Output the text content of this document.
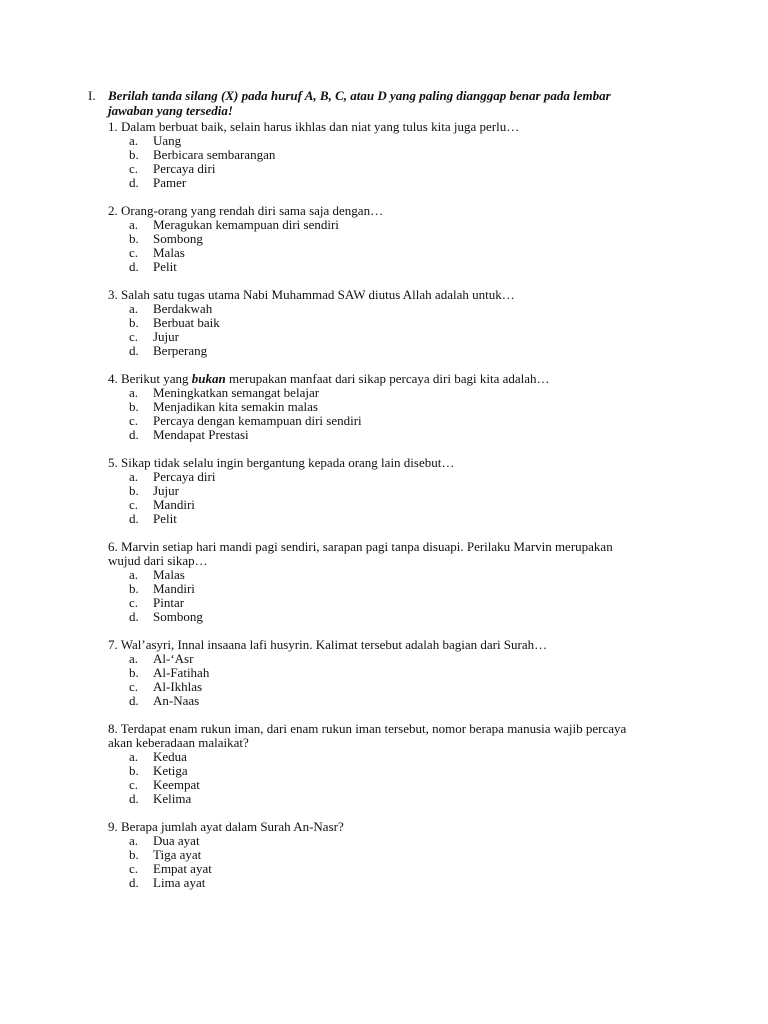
I. Berilah tanda silang (X) pada huruf A, B, C, atau D yang paling dianggap benar pada lembar
jawaban yang tersedia!
1. Dalam berbuat baik, selain harus ikhlas dan niat yang tulus kita juga perlu…
a.	Uang
b.	Berbicara sembarangan
c.	Percaya diri
d.	Pamer
2. Orang-orang yang rendah diri sama saja dengan…
a.	Meragukan kemampuan diri sendiri
b.	Sombong
c.	Malas
d.	Pelit
3. Salah satu tugas utama Nabi Muhammad SAW diutus Allah adalah untuk…
a.	Berdakwah
b.	Berbuat baik
c.	Jujur
d.	Berperang
4. Berikut yang bukan merupakan manfaat dari sikap percaya diri bagi kita adalah…
a.	Meningkatkan semangat belajar
b.	Menjadikan kita semakin malas
c.	Percaya dengan kemampuan diri sendiri
d.	Mendapat Prestasi
5. Sikap tidak selalu ingin bergantung kepada orang lain disebut…
a.	Percaya diri
b.	Jujur
c.	Mandiri
d.	Pelit
6. Marvin setiap hari mandi pagi sendiri, sarapan pagi tanpa disuapi. Perilaku Marvin merupakan
wujud dari sikap…
a.	Malas
b.	Mandiri
c.	Pintar
d.	Sombong
7. Wal’asyri, Innal insaana lafi husyrin. Kalimat tersebut adalah bagian dari Surah…
a.	Al-‘Asr
b.	Al-Fatihah
c.	Al-Ikhlas
d.	An-Naas
8. Terdapat enam rukun iman, dari enam rukun iman tersebut, nomor berapa manusia wajib percaya
akan keberadaan malaikat?
a.	Kedua
b.	Ketiga
c.	Keempat
d.	Kelima
9. Berapa jumlah ayat dalam Surah An-Nasr?
a.	Dua ayat
b.	Tiga ayat
c.	Empat ayat
d.	Lima ayat
